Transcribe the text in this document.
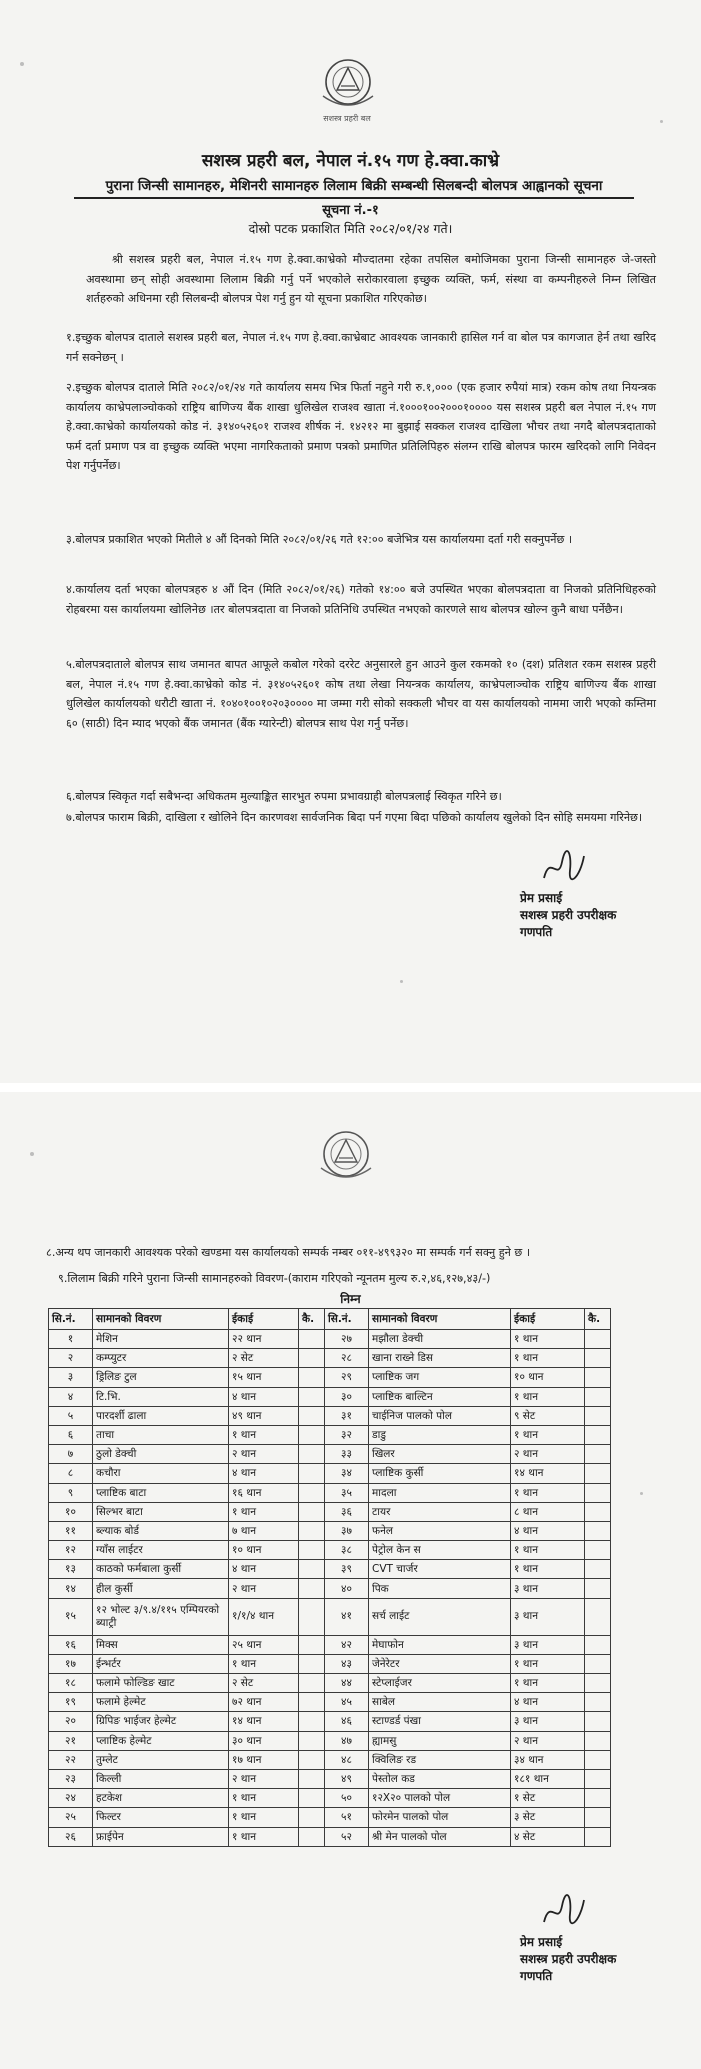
सशस्त्र प्रहरी बल
सशस्त्र प्रहरी बल, नेपाल नं.१५ गण हे.क्वा.काभ्रे
पुराना जिन्सी सामानहरु, मेशिनरी सामानहरु लिलाम बिक्री सम्बन्धी सिलबन्दी बोलपत्र आह्वानको सूचना
सूचना नं.-१
दोस्रो पटक प्रकाशित मिति २०८२/०१/२४ गते।
श्री सशस्त्र प्रहरी बल, नेपाल नं.१५ गण हे.क्वा.काभ्रेको मौज्दातमा रहेका तपसिल बमोजिमका पुराना जिन्सी सामानहरु जे-जस्तो अवस्थामा छन् सोही अवस्थामा लिलाम बिक्री गर्नु पर्ने भएकोले सरोकारवाला इच्छुक व्यक्ति, फर्म, संस्था वा कम्पनीहरुले निम्न लिखित शर्तहरुको अधिनमा रही सिलबन्दी बोलपत्र पेश गर्नु हुन यो सूचना प्रकाशित गरिएकोछ।
१.इच्छुक बोलपत्र दाताले सशस्त्र प्रहरी बल, नेपाल नं.१५ गण हे.क्वा.काभ्रेबाट आवश्यक जानकारी हासिल गर्न वा बोल पत्र कागजात हेर्न तथा खरिद गर्न सक्नेछन् ।
२.इच्छुक बोलपत्र दाताले मिति २०८२/०१/२४ गते कार्यालय समय भित्र फिर्ता नहुने गरी रु.१,००० (एक हजार रुपैयां मात्र) रकम कोष तथा नियन्त्रक कार्यालय काभ्रेपलाञ्चोकको राष्ट्रिय बाणिज्य बैंक शाखा धुलिखेल राजश्व खाता नं.१०००१००२०००१०००० यस सशस्त्र प्रहरी बल नेपाल नं.१५ गण हे.क्वा.काभ्रेको कार्यालयको कोड नं. ३१४०५२६०१ राजश्व शीर्षक नं. १४२१२ मा बुझाई सक्कल राजश्व दाखिला भौचर तथा नगदै बोलपत्रदाताको फर्म दर्ता प्रमाण पत्र वा इच्छुक व्यक्ति भएमा नागरिकताको प्रमाण पत्रको प्रमाणित प्रतिलिपिहरु संलग्न राखि बोलपत्र फारम खरिदको लागि निवेदन पेश गर्नुपर्नेछ।
३.बोलपत्र प्रकाशित भएको मितीले ४ औं दिनको मिति २०८२/०१/२६ गते १२:०० बजेभित्र यस कार्यालयमा दर्ता गरी सक्नुपर्नेछ ।
४.कार्यालय दर्ता भएका बोलपत्रहरु ४ औं दिन (मिति २०८२/०१/२६) गतेको १४:०० बजे उपस्थित भएका बोलपत्रदाता वा निजको प्रतिनिधिहरुको रोहबरमा यस कार्यालयमा खोलिनेछ ।तर बोलपत्रदाता वा निजको प्रतिनिधि उपस्थित नभएको कारणले साथ बोलपत्र खोल्न कुनै बाधा पर्नेछैन।
५.बोलपत्रदाताले बोलपत्र साथ जमानत बापत आफूले कबोल गरेको दररेट अनुसारले हुन आउने कुल रकमको १० (दश) प्रतिशत रकम सशस्त्र प्रहरी बल, नेपाल नं.१५ गण हे.क्वा.काभ्रेको कोड नं. ३१४०५२६०१ कोष तथा लेखा नियन्त्रक कार्यालय, काभ्रेपलाञ्चोक राष्ट्रिय बाणिज्य बैंक शाखा धुलिखेल कार्यालयको धरौटी खाता नं. १०४०१००१०२०३०००० मा जम्मा गरी सोको सक्कली भौचर वा यस कार्यालयको नाममा जारी भएको कम्तिमा ६० (साठी) दिन म्याद भएको बैंक जमानत (बैंक ग्यारेन्टी) बोलपत्र साथ पेश गर्नु पर्नेछ।
६.बोलपत्र स्विकृत गर्दा सबैभन्दा अधिकतम मुल्याङ्कित सारभुत रुपमा प्रभावग्राही बोलपत्रलाई स्विकृत गरिने छ।
७.बोलपत्र फाराम बिक्री, दाखिला र खोलिने दिन कारणवश सार्वजनिक बिदा पर्न गएमा बिदा पछिको कार्यालय खुलेको दिन सोहि समयमा गरिनेछ।
प्रेम प्रसाई
सशस्त्र प्रहरी उपरीक्षक
गणपति
८.अन्य थप जानकारी आवश्यक परेको खण्डमा यस कार्यालयको सम्पर्क नम्बर ०११-४९९३२० मा सम्पर्क गर्न सक्नु हुने छ ।
९.लिलाम बिक्री गरिने पुराना जिन्सी सामानहरुको विवरण-(काराम गरिएको न्यूनतम मुल्य रु.२,४६,१२७,४३/-)
निम्न
सि.नं.	सामानको विवरण	ईकाई	कै.	सि.नं.	सामानको विवरण	ईकाई	कै.
१	मेशिन	२२ थान		२७	मझौला डेक्ची	१ थान	
२	कम्प्युटर	२ सेट		२८	खाना राख्ने डिस	१ थान	
३	ड्रिलिङ टुल	१५ थान		२९	प्लाष्टिक जग	१० थान	
४	टि.भि.	४ थान		३०	प्लाष्टिक बाल्टिन	१ थान	
५	पारदर्शी ढाला	४९ थान		३१	चाईनिज पालको पोल	९ सेट	
६	ताचा	१ थान		३२	डाडु	१ थान	
७	ठुलो डेक्ची	२ थान		३३	खिलर	२ थान	
८	कचौरा	४ थान		३४	प्लाष्टिक कुर्सी	१४ थान	
९	प्लाष्टिक बाटा	१६ थान		३५	मादला	१ थान	
१०	सिल्भर बाटा	१ थान		३६	टायर	८ थान	
११	ब्ल्याक बोर्ड	७ थान		३७	फनेल	४ थान	
१२	ग्याँस लाईटर	१० थान		३८	पेट्रोल केन स	१ थान	
१३	काठको फर्मबाला कुर्सी	४ थान		३९	CVT चार्जर	१ थान	
१४	हील कुर्सी	२ थान		४०	पिक	३ थान	
१५	१२ भोल्ट ३/९.४/११५ एम्पियरको ब्याट्री	१/१/४ थान		४१	सर्च लाईट	३ थान	
१६	मिक्स	२५ थान		४२	मेघाफोन	३ थान	
१७	ईन्भर्टर	१ थान		४३	जेनेरेटर	१ थान	
१८	फलामे फोल्डिङ खाट	२ सेट		४४	स्टेप्लाईजर	१ थान	
१९	फलामे हेल्मेट	७२ थान		४५	साबेल	४ थान	
२०	ग्रिपिङ भाईजर हेल्मेट	१४ थान		४६	स्टाण्डर्ड पंखा	३ थान	
२१	प्लाष्टिक हेल्मेट	३० थान		४७	ह्यामसु	२ थान	
२२	तुम्लेट	१७ थान		४८	क्विलिङ रड	३४ थान	
२३	किल्ली	२ थान		४९	पेस्तोल कड	१८१ थान	
२४	हटकेश	१ थान		५०	१२X२० पालको पोल	१ सेट	
२५	फिल्टर	१ थान		५१	फोरमेन पालको पोल	३ सेट	
२६	फ्राईपेन	१ थान		५२	श्री मेन पालको पोल	४ सेट	
प्रेम प्रसाई
सशस्त्र प्रहरी उपरीक्षक
गणपति
